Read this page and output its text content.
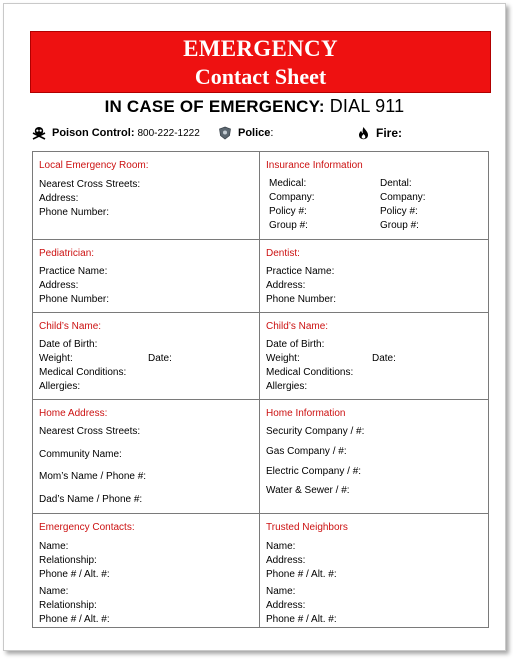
EMERGENCY
Contact Sheet
IN CASE OF EMERGENCY: DIAL 911
Poison Control : 800-222-1222	Police :	Fire:
Local Emergency Room:
Nearest Cross Streets:
Address:
Phone Number:
Insurance Information
Medical:
Company:
Policy #:
Group #:
Dental:
Company:
Policy #:
Group #:
Pediatrician:
Practice Name:
Address:
Phone Number:
Dentist:
Practice Name:
Address:
Phone Number:
Child’s Name:
Date of Birth:
Weight:	Date:
Medical Conditions:
Allergies:
Child’s Name:
Date of Birth:
Weight:	Date:
Medical Conditions:
Allergies:
Home Address:
Nearest Cross Streets:
Community Name:
Mom’s Name / Phone #:
Dad’s Name / Phone #:
Home Information
Security Company / #:
Gas Company / #:
Electric Company / #:
Water & Sewer / #:
Emergency Contacts:
Name:
Relationship:
Phone # / Alt. #:
Name:
Relationship:
Phone # / Alt. #:
Trusted Neighbors
Name:
Address:
Phone # / Alt. #:
Name:
Address:
Phone # / Alt. #:
